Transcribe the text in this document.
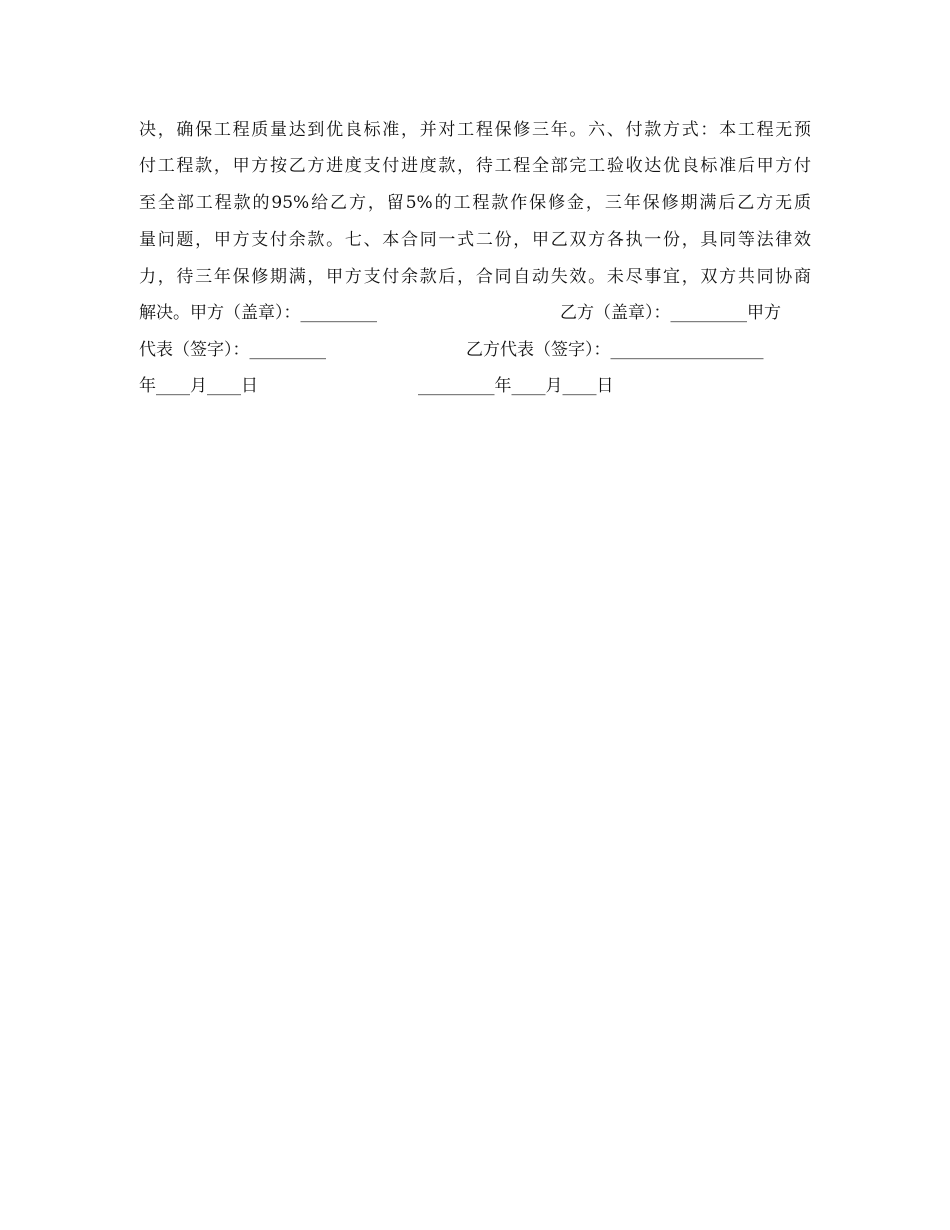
决，确保工程质量达到优良标准，并对工程保修三年。六、付款方式：本工程无预
付工程款，甲方按乙方进度支付进度款，待工程全部完工验收达优良标准后甲方付
至全部工程款的95%给乙方，留5%的工程款作保修金，三年保修期满后乙方无质
量问题，甲方支付余款。七、本合同一式二份，甲乙双方各执一份，具同等法律效
力，待三年保修期满，甲方支付余款后，合同自动失效。未尽事宜，双方共同协商
解决。甲方（盖章）：_________	乙方（盖章）：_________甲方
代表（签字）：_________	乙方代表（签字）：__________________
年____月____日	_________年____月____日
